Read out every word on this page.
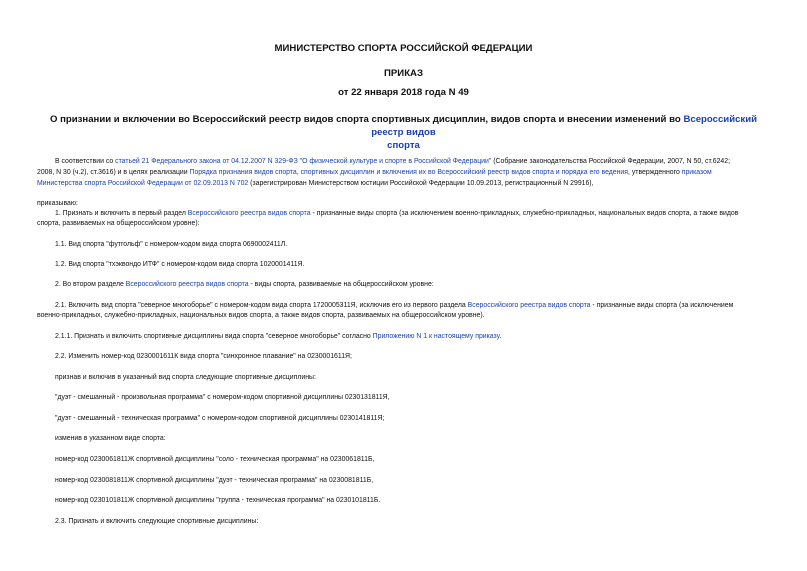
МИНИСТЕРСТВО СПОРТА РОССИЙСКОЙ ФЕДЕРАЦИИ
ПРИКАЗ
от 22 января 2018 года N 49
О признании и включении во Всероссийский реестр видов спорта спортивных дисциплин, видов спорта и внесении изменений во Всероссийский реестр видов
спорта
В соответствии со статьей 21 Федерального закона от 04.12.2007 N 329-ФЗ "О физической культуре и спорте в Российской Федерации" (Собрание законодательства Российской Федерации, 2007, N 50, ст.6242;
2008, N 30 (ч.2), ст.3616) и в целях реализации Порядка признания видов спорта, спортивных дисциплин и включения их во Всероссийский реестр видов спорта и порядка его ведения, утвержденного приказом
Министерства спорта Российской Федерации от 02.09.2013 N 702 (зарегистрирован Министерством юстиции Российской Федерации 10.09.2013, регистрационный N 29916),
приказываю:
1. Признать и включить в первый раздел Всероссийского реестра видов спорта - признанные виды спорта (за исключением военно-прикладных, служебно-прикладных, национальных видов спорта, а также видов
спорта, развиваемых на общероссийском уровне):
1.1. Вид спорта "футгольф" с номером-кодом вида спорта 0690002411Л.
1.2. Вид спорта "тхэквондо ИТФ" с номером-кодом вида спорта 1020001411Я.
2. Во втором разделе Всероссийского реестра видов спорта - виды спорта, развиваемые на общероссийском уровне:
2.1. Включить вид спорта "северное многоборье" с номером-кодом вида спорта 1720005311Я, исключив его из первого раздела Всероссийского реестра видов спорта - признанные виды спорта (за исключением
военно-прикладных, служебно-прикладных, национальных видов спорта, а также видов спорта, развиваемых на общероссийском уровне).
2.1.1. Признать и включить спортивные дисциплины вида спорта "северное многоборье" согласно Приложению N 1 к настоящему приказу.
2.2. Изменить номер-код 0230001611К вида спорта "синхронное плавание" на 0230001611Я;
признав и включив в указанный вид спорта следующие спортивные дисциплины:
"дуэт - смешанный - произвольная программа" с номером-кодом спортивной дисциплины 0230131811Я,
"дуэт - смешанный - техническая программа" с номером-кодом спортивной дисциплины 0230141811Я;
изменив в указанном виде спорта:
номер-код 0230061811Ж спортивной дисциплины "соло - техническая программа" на 0230061811Б,
номер-код 0230081811Ж спортивной дисциплины "дуэт - техническая программа" на 0230081811Б,
номер-код 0230101811Ж спортивной дисциплины "группа - техническая программа" на 0230101811Б.
2.3. Признать и включить следующие спортивные дисциплины:
